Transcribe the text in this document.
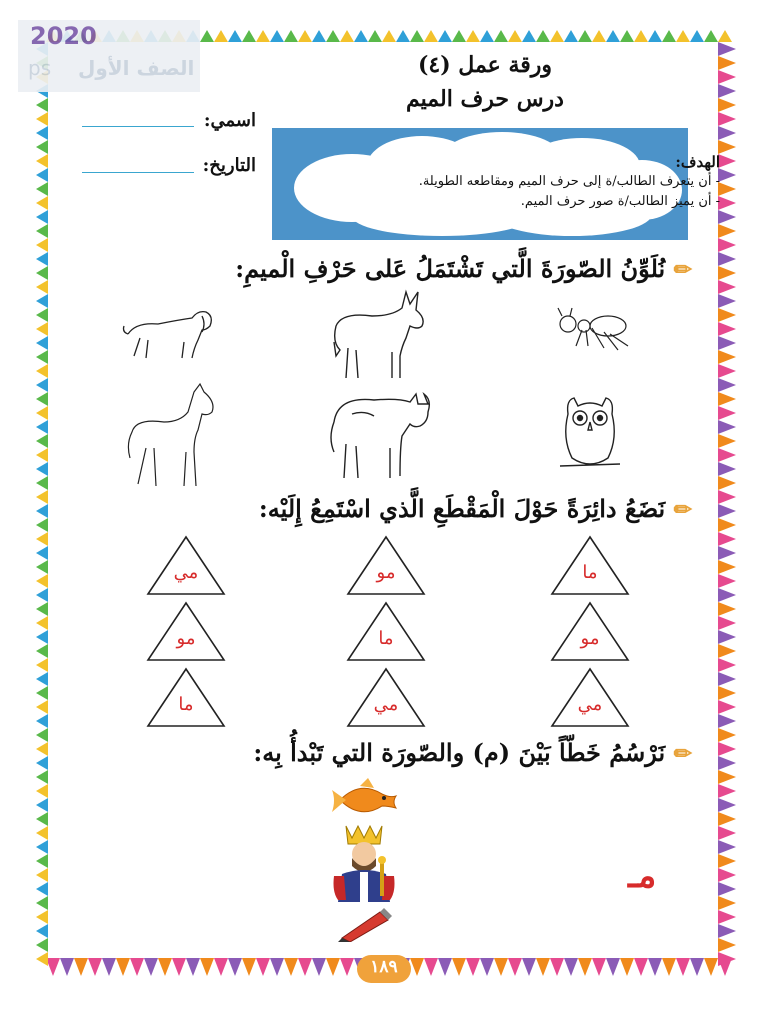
2020
ps الصف الأول	ورقة عمل (٤)
درس حرف الميم
اسمي:
التاريخ:	الهدف:
- أن يتعرف الطالب/ة إلى حرف الميم ومقاطعه الطويلة.
- أن يميز الطالب/ة صور حرف الميم.
✏ نُلَوِّنُ الصّورَةَ الَّتي تَشْتَمَلُ عَلى حَرْفِ الْميمِ:
✏ نَضَعُ دائِرَةً حَوْلَ الْمَقْطَعِ الَّذي اسْتَمِعُ إِلَيْه:
ما
مو
مي
مو
ما
مو
مي
مي
ما
✏ نَرْسُمُ خَطّاً بَيْنَ (م) والصّورَة التي تَبْدأُ بِه:
مـ
١٨٩
